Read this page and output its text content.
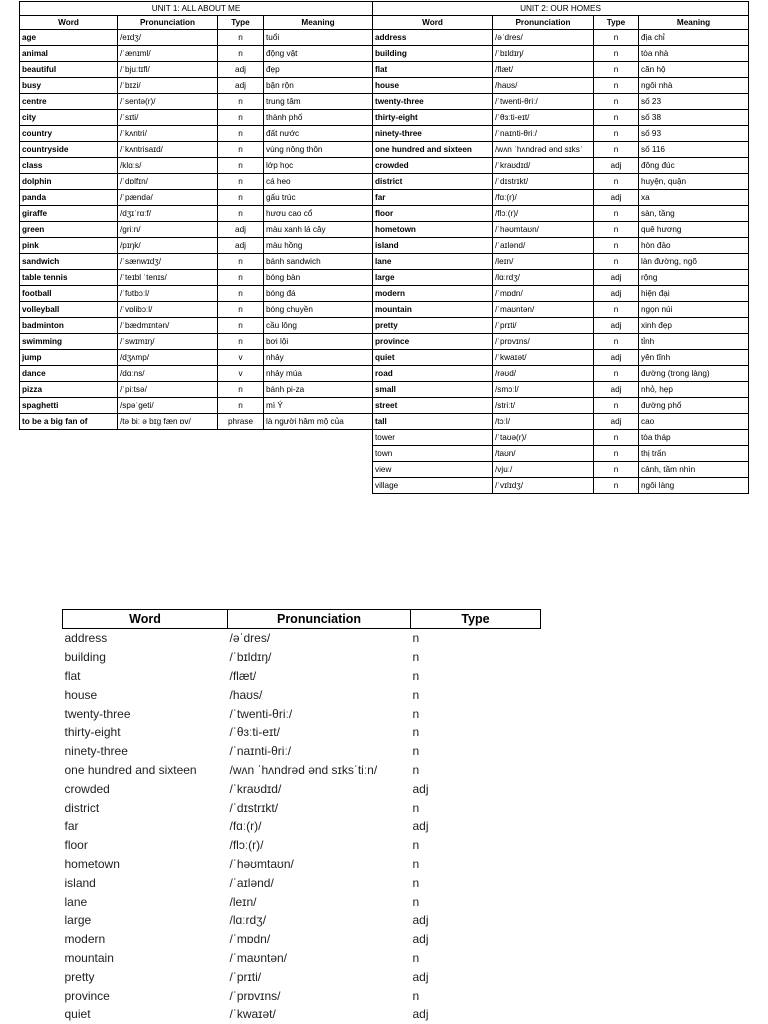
UNIT 1: ALL ABOUT ME			
Word	Pronunciation	Type	Meaning
age	/eɪdʒ/	n	tuổi
animal	/ˈænɪml/	n	động vật
beautiful	/ˈbjuːtɪfl/	adj	đẹp
busy	/ˈbɪzi/	adj	bận rộn
centre	/ˈsentə(r)/	n	trung tâm
city	/ˈsɪti/	n	thành phố
country	/ˈkʌntri/	n	đất nước
countryside	/ˈkʌntrisaɪd/	n	vùng nông thôn
class	/klɑːs/	n	lớp học
dolphin	/ˈdɒlfɪn/	n	cá heo
panda	/ˈpændə/	n	gấu trúc
giraffe	/dʒɪˈrɑːf/	n	hươu cao cổ
green	/ɡriːn/	adj	màu xanh lá cây
pink	/pɪŋk/	adj	màu hồng
sandwich	/ˈsænwɪdʒ/	n	bánh sandwich
table tennis	/ˈteɪbl ˈtenɪs/	n	bóng bàn
football	/ˈfʊtbɔːl/	n	bóng đá
volleyball	/ˈvɒlibɔːl/	n	bóng chuyền
badminton	/ˈbædmɪntən/	n	cầu lông
swimming	/ˈswɪmɪŋ/	n	bơi lội
jump	/dʒʌmp/	v	nhảy
dance	/dɑːns/	v	nhảy múa
pizza	/ˈpiːtsə/	n	bánh pi-za
spaghetti	/spəˈɡeti/	n	mì Ý
to be a big fan of	/tə biː ə bɪɡ fæn ɒv/	phrase	là người hâm mộ của
UNIT 2: OUR HOMES			
Word	Pronunciation	Type	Meaning
address	/əˈdres/	n	địa chỉ
building	/ˈbɪldɪŋ/	n	tòa nhà
flat	/flæt/	n	căn hộ
house	/haʊs/	n	ngôi nhà
twenty-three	/ˈtwenti-θriː/	n	số 23
thirty-eight	/ˈθɜːti-eɪt/	n	số 38
ninety-three	/ˈnaɪnti-θriː/	n	số 93
one hundred and sixteen	/wʌn ˈhʌndrəd ənd sɪksˈ	n	số 116
crowded	/ˈkraʊdɪd/	adj	đông đúc
district	/ˈdɪstrɪkt/	n	huyện, quận
far	/fɑː(r)/	adj	xa
floor	/flɔː(r)/	n	sàn, tầng
hometown	/ˈhəʊmtaʊn/	n	quê hương
island	/ˈaɪlənd/	n	hòn đảo
lane	/leɪn/	n	làn đường, ngõ
large	/lɑːrdʒ/	adj	rộng
modern	/ˈmɒdn/	adj	hiện đại
mountain	/ˈmaʊntən/	n	ngọn núi
pretty	/ˈprɪti/	adj	xinh đẹp
province	/ˈprɒvɪns/	n	tỉnh
quiet	/ˈkwaɪət/	adj	yên tĩnh
road	/rəʊd/	n	đường (trong làng)
small	/smɔːl/	adj	nhỏ, hẹp
street	/striːt/	n	đường phố
tall	/tɔːl/	adj	cao
tower	/ˈtaʊə(r)/	n	tòa tháp
town	/taʊn/	n	thị trấn
view	/vjuː/	n	cảnh, tầm nhìn
village	/ˈvɪlɪdʒ/	n	ngôi làng
Word	Pronunciation	Type
address	/əˈdres/	n
building	/ˈbɪldɪŋ/	n
flat	/flæt/	n
house	/haʊs/	n
twenty-three	/ˈtwenti-θriː/	n
thirty-eight	/ˈθɜːti-eɪt/	n
ninety-three	/ˈnaɪnti-θriː/	n
one hundred and sixteen	/wʌn ˈhʌndrəd ənd sɪksˈtiːn/	n
crowded	/ˈkraʊdɪd/	adj
district	/ˈdɪstrɪkt/	n
far	/fɑː(r)/	adj
floor	/flɔː(r)/	n
hometown	/ˈhəʊmtaʊn/	n
island	/ˈaɪlənd/	n
lane	/leɪn/	n
large	/lɑːrdʒ/	adj
modern	/ˈmɒdn/	adj
mountain	/ˈmaʊntən/	n
pretty	/ˈprɪti/	adj
province	/ˈprɒvɪns/	n
quiet	/ˈkwaɪət/	adj
